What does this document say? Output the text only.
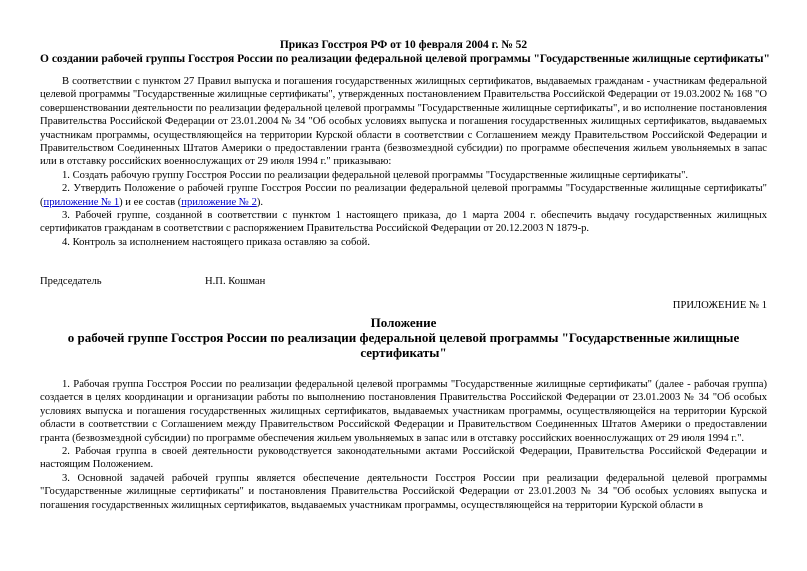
Приказ Госстроя РФ от 10 февраля 2004 г. № 52
О создании рабочей группы Госстроя России по реализации федеральной целевой программы "Государственные жилищные сертификаты"

В соответствии с пунктом 27 Правил выпуска и погашения государственных жилищных сертификатов, выдаваемых гражданам - участникам федеральной целевой программы "Государственные жилищные сертификаты", утвержденных постановлением Правительства Российской Федерации от 19.03.2002 № 168 "О совершенствовании деятельности по реализации федеральной целевой программы "Государственные жилищные сертификаты", и во исполнение постановления Правительства Российской Федерации от 23.01.2004 № 34 "Об особых условиях выпуска и погашения государственных жилищных сертификатов, выдаваемых участникам программы, осуществляющейся на территории Курской области в соответствии с Соглашением между Правительством Российской Федерации и Правительством Соединенных Штатов Америки о предоставлении гранта (безвозмездной субсидии) по программе обеспечения жильем увольняемых в запас или в отставку российских военнослужащих от 29 июля 1994 г." приказываю:

1. Создать рабочую группу Госстроя России по реализации федеральной целевой программы "Государственные жилищные сертификаты".

2. Утвердить Положение о рабочей группе Госстроя России по реализации федеральной целевой программы "Государственные жилищные сертификаты" (приложение № 1) и ее состав (приложение № 2).

3. Рабочей группе, созданной в соответствии с пунктом 1 настоящего приказа, до 1 марта 2004 г. обеспечить выдачу государственных жилищных сертификатов гражданам в соответствии с распоряжением Правительства Российской Федерации от 20.12.2003 N 1879-р.

4. Контроль за исполнением настоящего приказа оставляю за собой.

Председатель	Н.П. Кошман
ПРИЛОЖЕНИЕ № 1
Положение
о рабочей группе Госстроя России по реализации федеральной целевой программы "Государственные жилищные сертификаты"

1. Рабочая группа Госстроя России по реализации федеральной целевой программы "Государственные жилищные сертификаты" (далее - рабочая группа) создается в целях координации и организации работы по выполнению постановления Правительства Российской Федерации от 23.01.2003 № 34 "Об особых условиях выпуска и погашения государственных жилищных сертификатов, выдаваемых участникам программы, осуществляющейся на территории Курской области в соответствии с Соглашением между Правительством Российской Федерации и Правительством Соединенных Штатов Америки о предоставлении гранта (безвозмездной субсидии) по программе обеспечения жильем увольняемых в запас или в отставку российских военнослужащих от 29 июля 1994 г.".

2. Рабочая группа в своей деятельности руководствуется законодательными актами Российской Федерации, Правительства Российской Федерации и настоящим Положением.

3. Основной задачей рабочей группы является обеспечение деятельности Госстроя России при реализации федеральной целевой программы "Государственные жилищные сертификаты" и постановления Правительства Российской Федерации от 23.01.2003 № 34 "Об особых условиях выпуска и погашения государственных жилищных сертификатов, выдаваемых участникам программы, осуществляющейся на территории Курской области в
